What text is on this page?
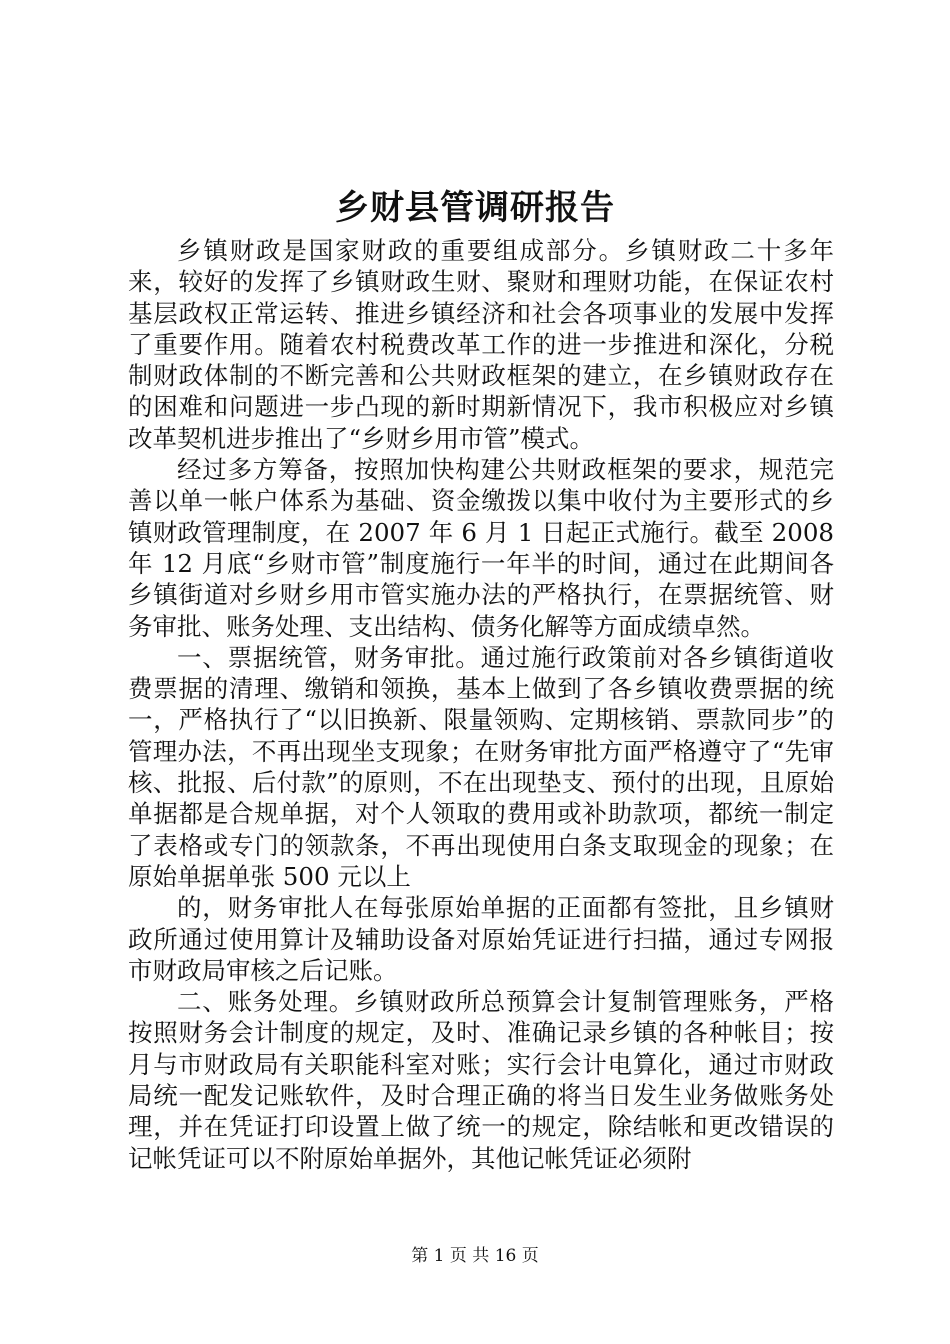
乡财县管调研报告

乡镇财政是国家财政的重要组成部分。乡镇财政二十多年来，较好的发挥了乡镇财政生财、聚财和理财功能，在保证农村基层政权正常运转、推进乡镇经济和社会各项事业的发展中发挥了重要作用。随着农村税费改革工作的进一步推进和深化，分税制财政体制的不断完善和公共财政框架的建立，在乡镇财政存在的困难和问题进一步凸现的新时期新情况下，我市积极应对乡镇改革契机进步推出了“乡财乡用市管”模式。

经过多方筹备，按照加快构建公共财政框架的要求，规范完善以单一帐户体系为基础、资金缴拨以集中收付为主要形式的乡镇财政管理制度，在 2007 年 6 月 1 日起正式施行。截至 2008 年 12 月底“乡财市管”制度施行一年半的时间，通过在此期间各乡镇街道对乡财乡用市管实施办法的严格执行，在票据统管、财务审批、账务处理、支出结构、债务化解等方面成绩卓然。

一、票据统管，财务审批。通过施行政策前对各乡镇街道收费票据的清理、缴销和领换，基本上做到了各乡镇收费票据的统一，严格执行了“以旧换新、限量领购、定期核销、票款同步”的管理办法，不再出现坐支现象；在财务审批方面严格遵守了“先审核、批报、后付款”的原则，不在出现垫支、预付的出现，且原始单据都是合规单据，对个人领取的费用或补助款项，都统一制定了表格或专门的领款条，不再出现使用白条支取现金的现象；在原始单据单张 500 元以上

的，财务审批人在每张原始单据的正面都有签批，且乡镇财政所通过使用算计及辅助设备对原始凭证进行扫描，通过专网报市财政局审核之后记账。

二、账务处理。乡镇财政所总预算会计复制管理账务，严格按照财务会计制度的规定，及时、准确记录乡镇的各种帐目；按月与市财政局有关职能科室对账；实行会计电算化，通过市财政局统一配发记账软件，及时合理正确的将当日发生业务做账务处理，并在凭证打印设置上做了统一的规定，除结帐和更改错误的记帐凭证可以不附原始单据外，其他记帐凭证必须附

第 1 页 共 16 页
